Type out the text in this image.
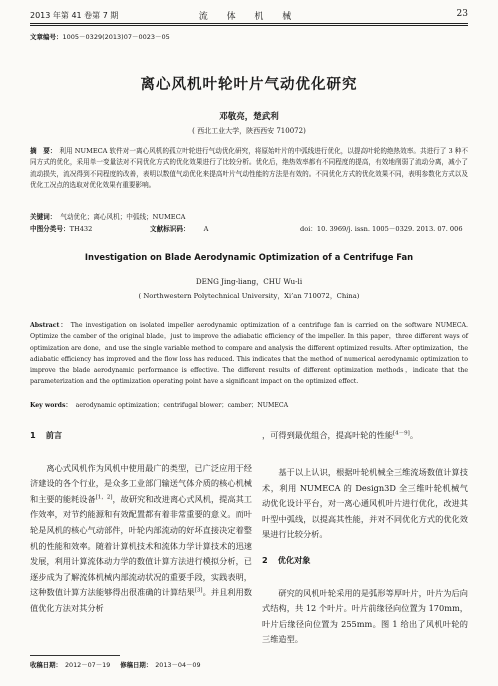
2013 年第 41 卷第 7 期	流 体 机 械	23
文章编号：1005－0329(2013)07－0023－05
离心风机叶轮叶片气动优化研究
邓敬亮，楚武利
( 西北工业大学，陕西西安 710072)
摘　要： 利用 NUMECA 软件对一离心风机的孤立叶轮进行气动优化研究，将原始叶片的中弧线进行优化，以提高叶轮的绝热效率。共进行了 3 种不同方式的优化，采用单一变量法对不同优化方式的优化效果进行了比较分析。优化后，绝热效率都有不同程度的提高，有效地削弱了流动分离，减小了流动损失，流况得到不同程度的改善，表明以数值气动优化来提高叶片气动性能的方法是有效的。不同优化方式的优化效果不同，表明参数化方式以及优化工况点的选取对优化效果有重要影响。
关键词： 气动优化；离心风机；中弧线；NUMECA
中图分类号：TH432	文献标识码： A	doi：10. 3969/j. issn. 1005－0329. 2013. 07. 006
Investigation on Blade Aerodynamic Optimization of a Centrifuge Fan
DENG Jing-liang，CHU Wu-li
( Northwestern Polytechnical University，Xi’an 710072，China)
Abstract： The investigation on isolated impeller aerodynamic optimization of a centrifuge fan is carried on the software NUMECA. Optimize the camber of the original blade，just to improve the adiabatic efficiency of the impeller. In this paper，three different ways of optimization are done，and use the single variable method to compare and analysis the different optimized results. After optimization，the adiabatic efficiency has improved and the flow loss has reduced. This indicates that the method of numerical aerodynamic optimization to improve the blade aerodynamic performance is effective. The different results of different optimization methods，indicate that the parameterization and the optimization operating point have a significant impact on the optimized effect.
Key words： aerodynamic optimization；centrifugal blower；camber；NUMECA
1 前言
离心式风机作为风机中使用最广的类型，已广泛应用于经济建设的各个行业，是众多工业部门输送气体介质的核心机械和主要的能耗设备[1，2]，故研究和改进离心式风机，提高其工作效率，对节约能源和有效配置都有着非常重要的意义。而叶轮是风机的核心气动部件，叶轮内部流动的好坏直接决定着整机的性能和效率。随着计算机技术和流体力学计算技术的迅速发展，利用计算流体动力学的数值计算方法进行模拟分析，已逐步成为了解流体机械内部流动状况的重要手段，实践表明，这种数值计算方法能够得出很准确的计算结果[3]。并且利用数值优化方法对其分析
，可得到最优组合，提高叶轮的性能[4－9]。
基于以上认识，根据叶轮机械全三维流场数值计算技术，利用 NUMECA 的 Design3D 全三维叶轮机械气动优化设计平台，对一离心通风机叶片进行优化，改进其叶型中弧线，以提高其性能，并对不同优化方式的优化效果进行比较分析。
2 优化对象
研究的风机叶轮采用的是弧形等厚叶片，叶片为后向式结构，共 12 个叶片。叶片前缘径向位置为 170mm，叶片后缘径向位置为 255mm。图 1 给出了风机叶轮的三维造型。
收稿日期： 2012－07－19 修稿日期： 2013－04－09
